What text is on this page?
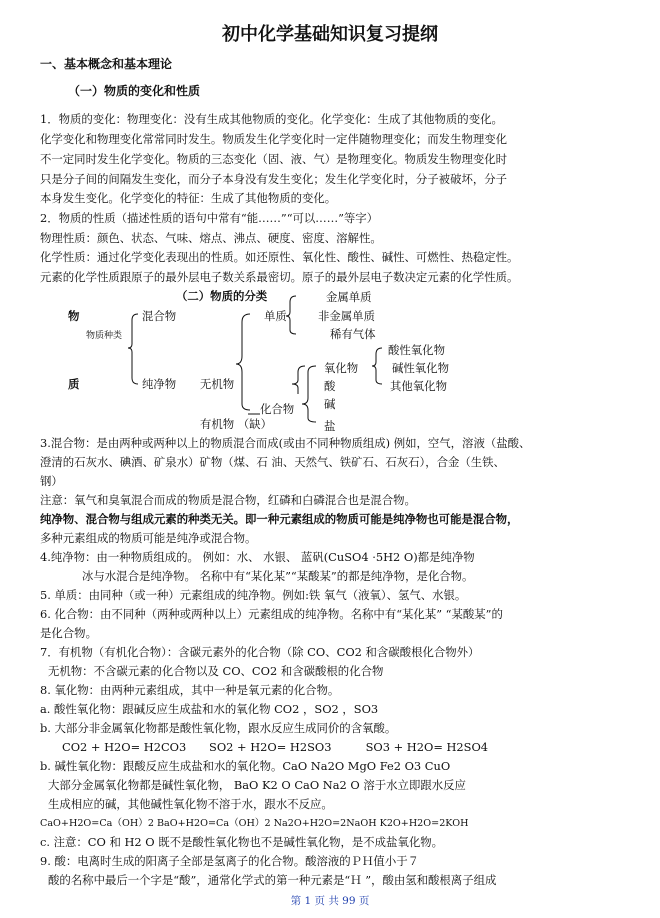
初中化学基础知识复习提纲
一、基本概念和基本理论
（一）物质的变化和性质
1．物质的变化：物理变化：没有生成其他物质的变化。化学变化：生成了其他物质的变化。
化学变化和物理变化常常同时发生。物质发生化学变化时一定伴随物理变化；而发生物理变化
不一定同时发生化学变化。物质的三态变化（固、液、气）是物理变化。物质发生物理变化时
只是分子间的间隔发生变化，而分子本身没有发生变化；发生化学变化时，分子被破坏，分子
本身发生变化。化学变化的特征：生成了其他物质的变化。
2．物质的性质（描述性质的语句中常有“能……”“可以……”等字）
物理性质：颜色、状态、气味、熔点、沸点、硬度、密度、溶解性。
化学性质：通过化学变化表现出的性质。如还原性、氧化性、酸性、碱性、可燃性、热稳定性。
元素的化学性质跟原子的最外层电子数关系最密切。原子的最外层电子数决定元素的化学性质。
（二）物质的分类
物
质
物质种类
混合物
纯净物
单质
金属单质
非金属单质
稀有气体
无机物
有机物 （缺）
化合物
氧化物
酸
碱
盐
酸性氧化物
碱性氧化物
其他氧化物
3.混合物：是由两种或两种以上的物质混合而成(或由不同种物质组成) 例如，空气，溶液（盐酸、
澄清的石灰水、碘酒、矿泉水）矿物（煤、石 油、天然气、铁矿石、石灰石），合金（生铁、
钢）
注意：氧气和臭氧混合而成的物质是混合物，红磷和白磷混合也是混合物。
纯净物、混合物与组成元素的种类无关。即一种元素组成的物质可能是纯净物也可能是混合物，
多种元素组成的物质可能是纯净或混合物。
4.纯净物：由一种物质组成的。 例如：水、 水银、 蓝矾(CuSO4 ·5H2 O)都是纯净物
冰与水混合是纯净物。 名称中有“某化某”“某酸某”的都是纯净物，是化合物。
5. 单质：由同种（或一种）元素组成的纯净物。例如:铁 氧气（液氧）、氢气、水银。
6. 化合物：由不同种（两种或两种以上）元素组成的纯净物。名称中有“某化某” “某酸某”的
是化合物。
7．有机物（有机化合物）：含碳元素外的化合物（除 CO、CO2 和含碳酸根化合物外）
无机物：不含碳元素的化合物以及 CO、CO2 和含碳酸根的化合物
8. 氧化物：由两种元素组成，其中一种是氧元素的化合物。
a. 酸性氧化物：跟碱反应生成盐和水的氧化物 CO2 ，SO2 ，SO3
b. 大部分非金属氧化物都是酸性氧化物，跟水反应生成同价的含氧酸。
CO2 + H2O= H2CO3　　SO2 + H2O= H2SO3　　　SO3 + H2O= H2SO4
b. 碱性氧化物：跟酸反应生成盐和水的氧化物。CaO Na2O MgO Fe2 O3 CuO
大部分金属氧化物都是碱性氧化物， BaO K2 O CaO Na2 O 溶于水立即跟水反应
生成相应的碱，其他碱性氧化物不溶于水，跟水不反应。
CaO+H2O=Ca（OH）2 BaO+H2O=Ca（OH）2 Na2O+H2O=2NaOH K2O+H2O=2KOH
c. 注意：CO 和 H2 O 既不是酸性氧化物也不是碱性氧化物，是不成盐氧化物。
9. 酸：电离时生成的阳离子全部是氢离子的化合物。酸溶液的ＰＨ值小于７
酸的名称中最后一个字是“酸”，通常化学式的第一种元素是“Ｈ ”，酸由氢和酸根离子组成
第 1 页 共 99 页
